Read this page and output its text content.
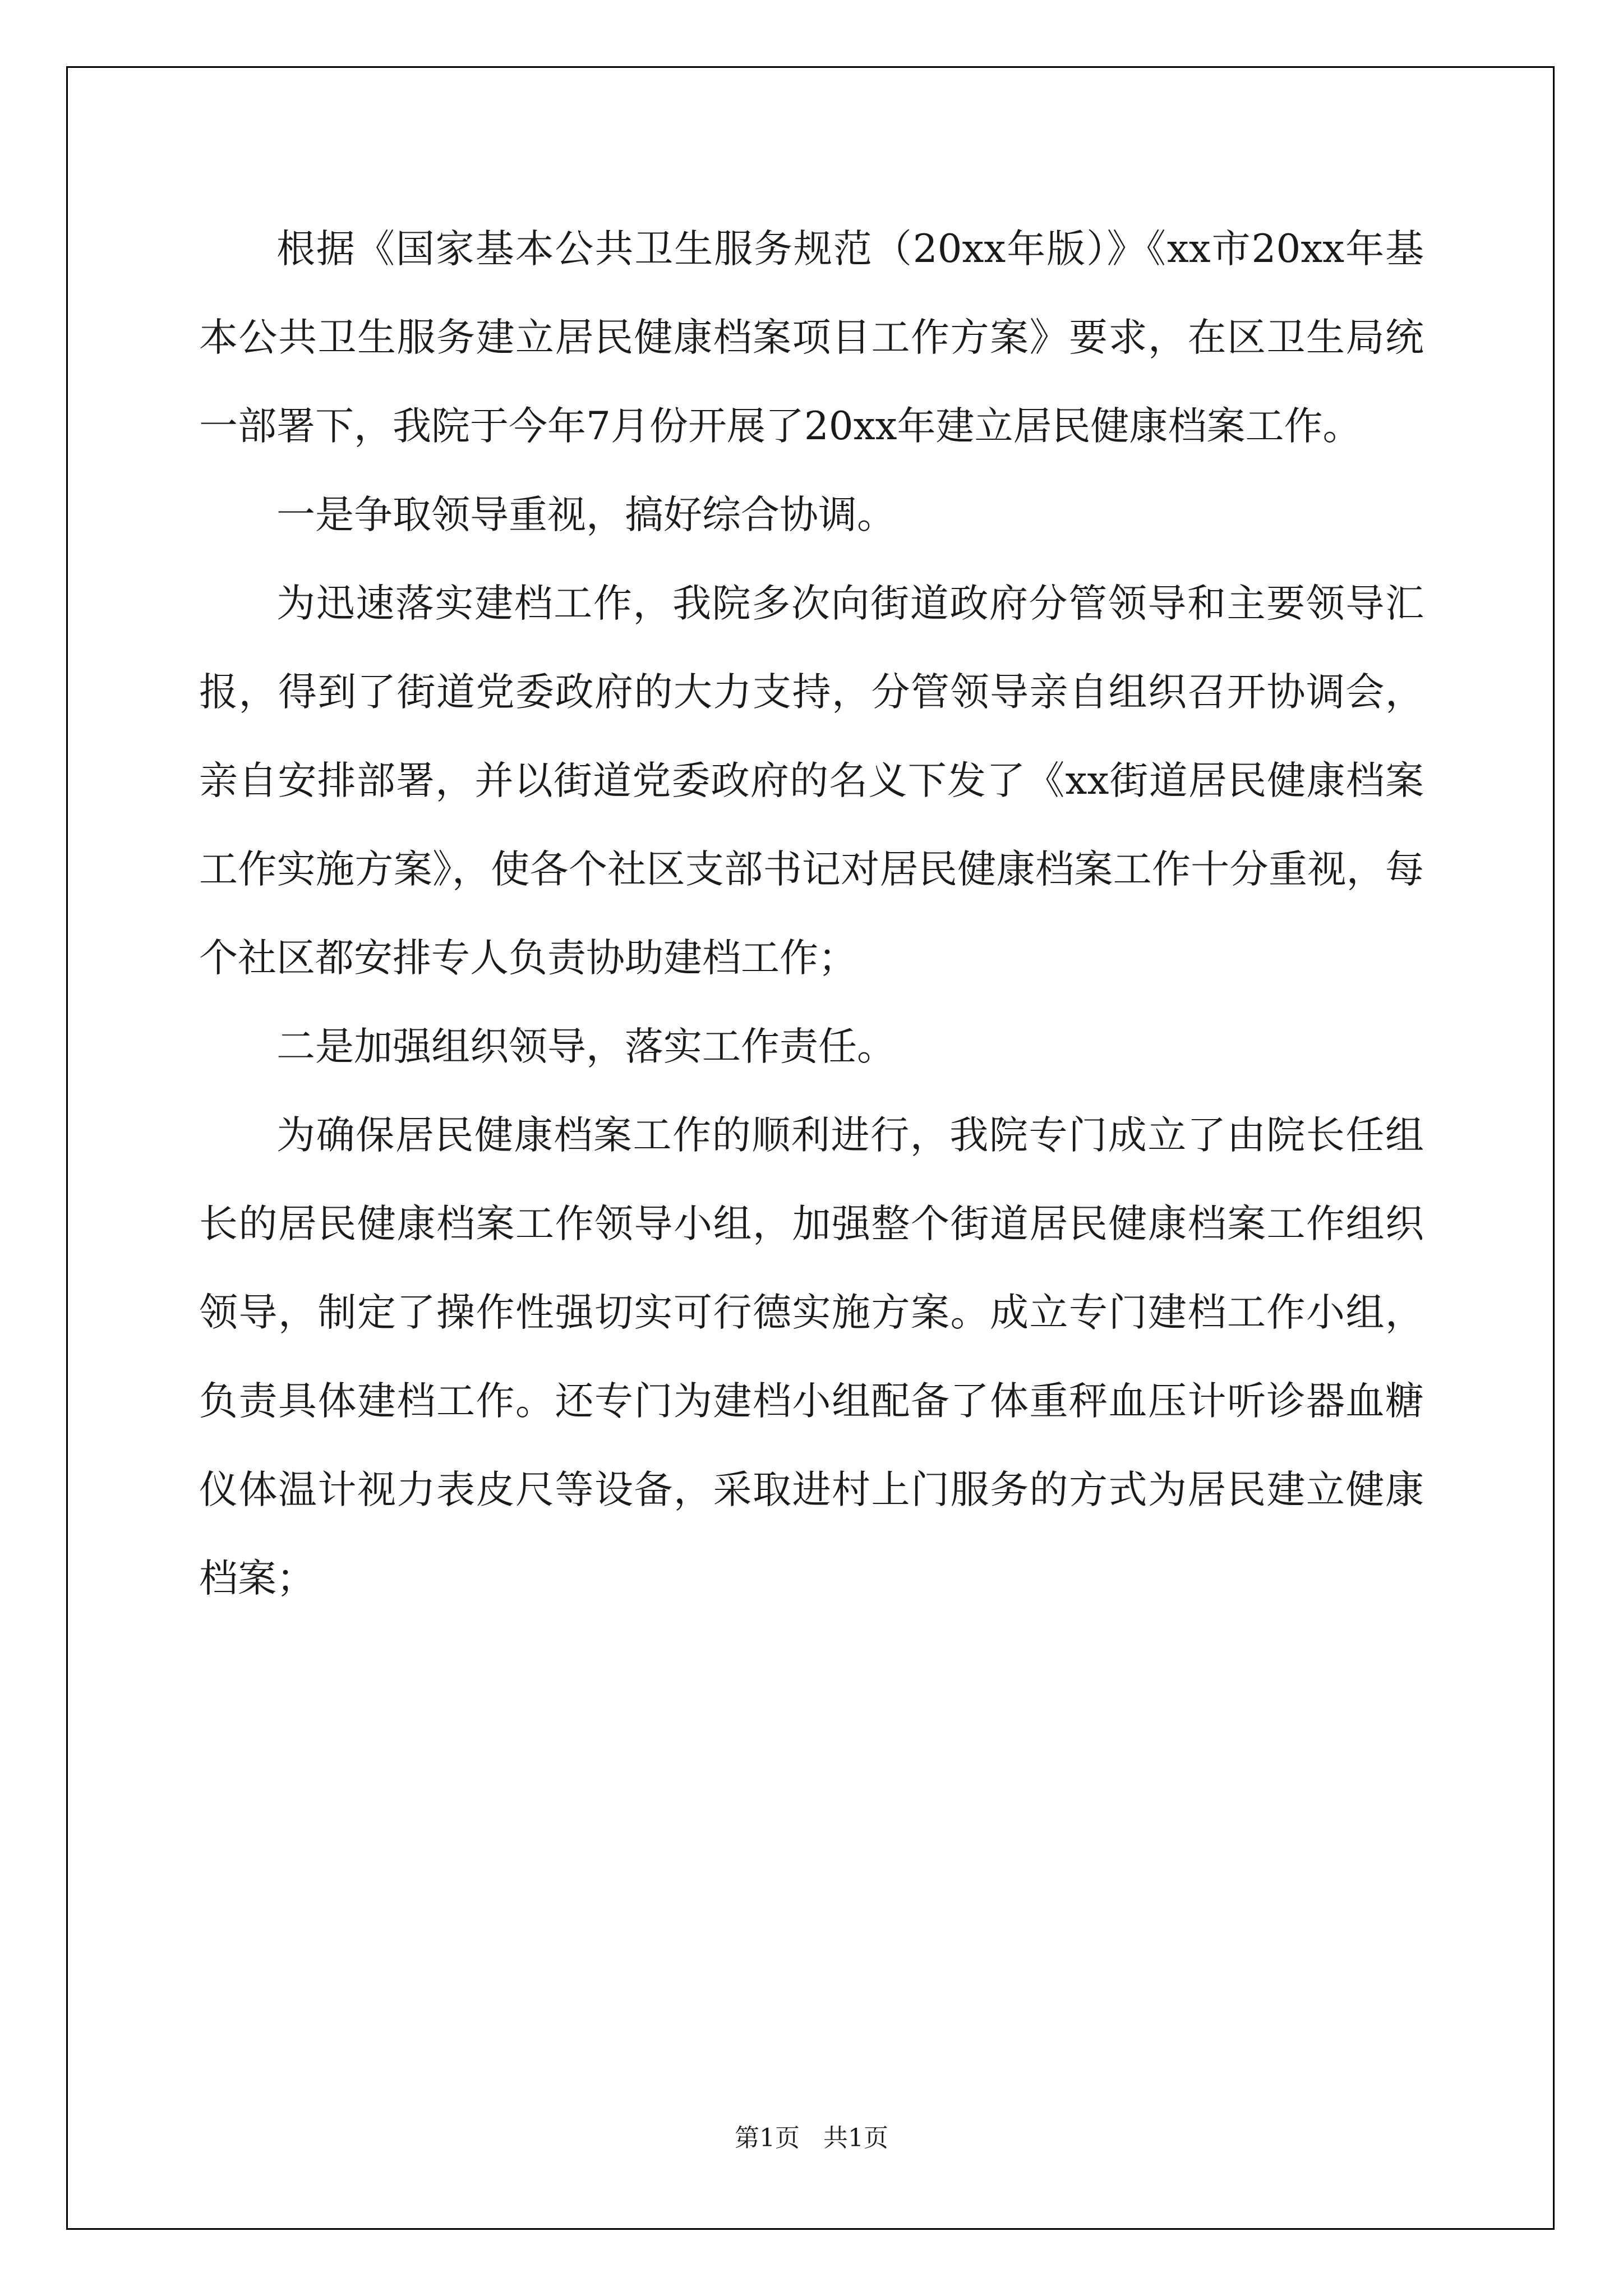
根据《国家基本公共卫生服务规范（20xx年版）》《xx市20xx年基本公共卫生服务建立居民健康档案项目工作方案》要求，在区卫生局统一部署下，我院于今年7月份开展了20xx年建立居民健康档案工作。

一是争取领导重视，搞好综合协调。

为迅速落实建档工作，我院多次向街道政府分管领导和主要领导汇报，得到了街道党委政府的大力支持，分管领导亲自组织召开协调会，亲自安排部署，并以街道党委政府的名义下发了《xx街道居民健康档案工作实施方案》，使各个社区支部书记对居民健康档案工作十分重视，每个社区都安排专人负责协助建档工作；

二是加强组织领导，落实工作责任。

为确保居民健康档案工作的顺利进行，我院专门成立了由院长任组长的居民健康档案工作领导小组，加强整个街道居民健康档案工作组织领导，制定了操作性强切实可行德实施方案。成立专门建档工作小组，负责具体建档工作。还专门为建档小组配备了体重秤血压计听诊器血糖仪体温计视力表皮尺等设备，采取进村上门服务的方式为居民建立健康档案；

第1页   共1页
